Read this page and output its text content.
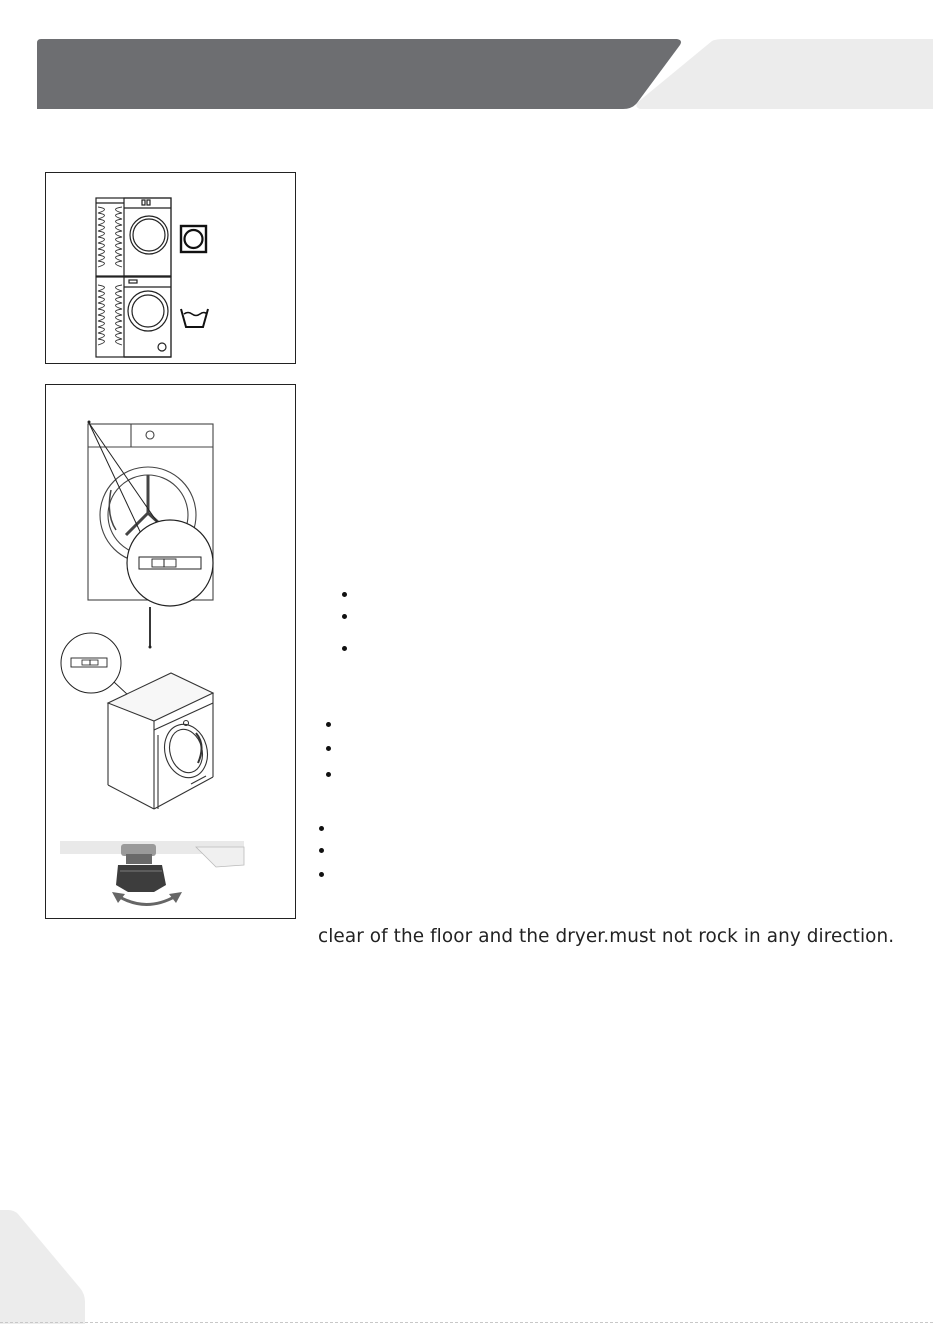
clear of the floor and the dryer.must not rock in any direction.
